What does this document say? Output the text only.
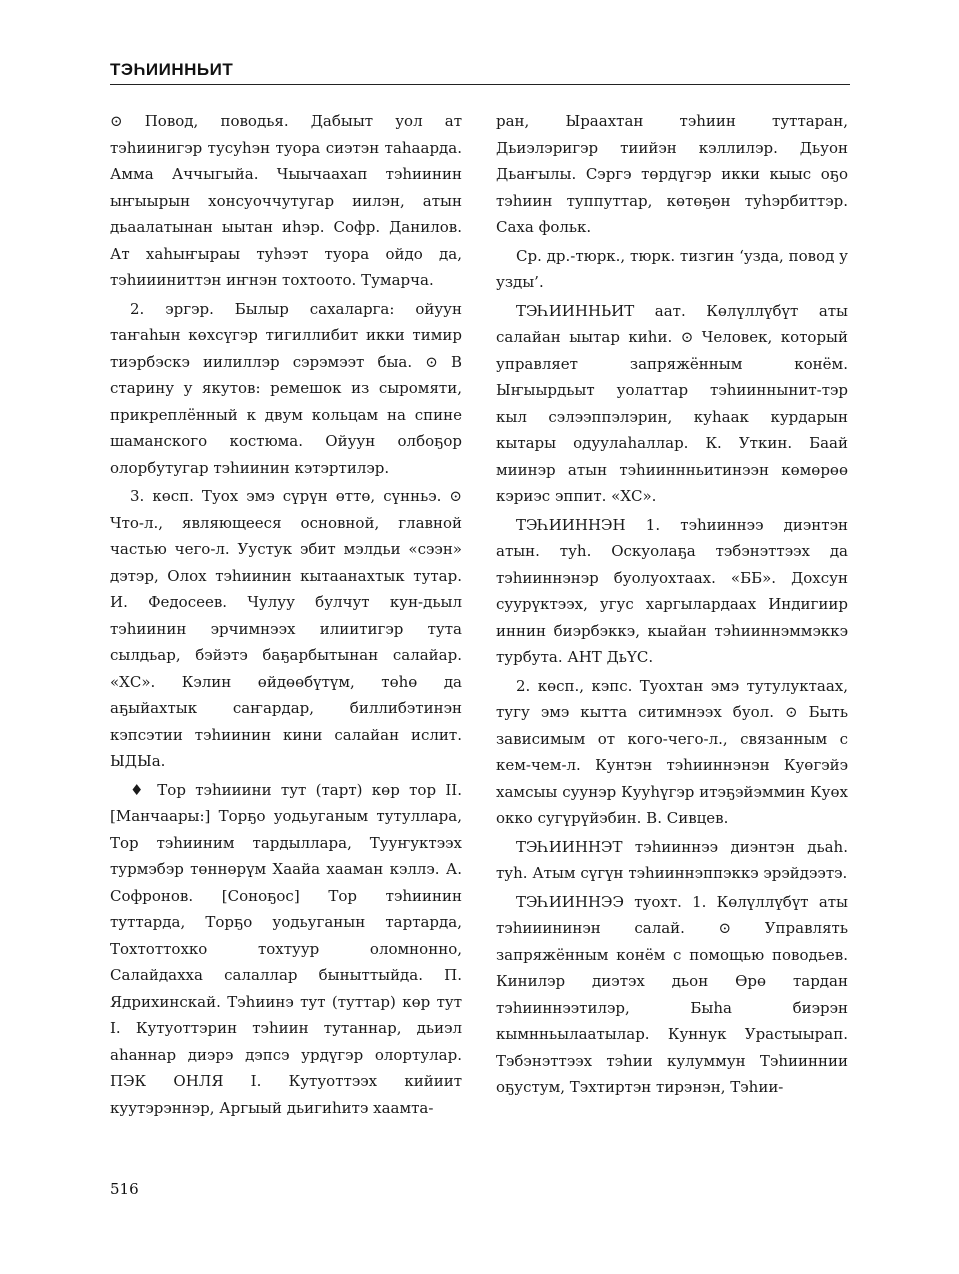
ТЭҺИИННЬИТ

⊙ Повод, поводья. Дабыыт уол ат тэһиинигэр тусуһэн туора сиэтэн таһаарда. Амма Аччыгыйа. Чыычаахап тэһиинин ыҥыырын хонсуоччутугар иилэн, атын дьаалатынан ыытан иһэр. Софр. Данилов. Ат хаһыҥыраы туһээт туора ойдо да, тэһиииниттэн иҥнэн тохтоото. Тумарча.

2. эргэр. Былыр сахаларга: ойуун таҥаһын көхсүгэр тигиллибит икки тимир тиэрбэскэ иилиллэр сэрэмээт быа. ⊙ В старину у якутов: ремешок из сыромяти, прикреплённый к двум кольцам на спине шаманского костюма. Ойуун олбоҕор олорбутугар тэһиинин кэтэртилэр.

3. көсп. Туох эмэ сүрүн өттө, сүнньэ. ⊙ Что-л., являющееся основной, главной частью чего-л. Уустук эбит мэлдьи «сээн» дэтэр, Олох тэһиинин кытаанахтык тутар. И. Федосеев. Чулуу булчут кун-дьыл тэһиинин эрчимнээх илиитигэр тута сылдьар, бэйэтэ баҕарбытынан салайар. «ХС». Кэлин өйдөөбүтүм, төһө да аҕыйахтык саҥардар, биллибэтинэн кэпсэтии тэһиинин кини салайан ислит. ЫДЫа.

♦ Тор тэһииини тут (тарт) көр тор II. [Манчаары:] Торҕо уодьуганым тутуллара, Тор тэһииним тардыллара, Тууҥуктээх турмэбэр төннөрүм Хаайа хааман кэллэ. А. Софронов. [Соноҕос] Тор тэһиинин туттарда, Торҕо уодьуганын тартарда, Тохтоттохко тохтуур оломнонно, Салайдахха салаллар быныттыйда. П. Ядрихинскай. Тэһиинэ тут (туттар) көр тут I. Кутуоттэрин тэһиин тутаннар, дьиэл аһаннар диэрэ дэпсэ урдүгэр олортулар. ПЭК ОНЛЯ I. Кутуоттээх кийиит куутэрэннэр, Аргыый дьигиһитэ хаамта-

ран, Ыраахтан тэһиин туттаран, Дьиэлэригэр тиийэн кэллилэр. Дьуон Дьаҥылы. Сэргэ төрдүгэр икки кыыс оҕо тэһиин туппуттар, көтөҕөн туһэрбиттэр. Саха фольк.

Ср. др.-тюрк., тюрк. тизгин ‘узда, повод у узды’.

ТЭҺИИННЬИТ аат. Көлүллүбүт аты салайан ыытар киһи. ⊙ Человек, который управляет запряжённым конём. Ыҥыырдьыт уолаттар тэһииннынит-тэр кыл сэлээппэлэрин, куһаак курдарын кытары одуулаһаллар. К. Уткин. Баай миинэр атын тэһииннньитинээн көмөрөө кэриэс эппит. «ХС».

ТЭҺИИННЭН 1. тэһииннээ диэнтэн атын. туһ. Оскуолаҕа тэбэнэттээх да тэһииннэнэр буолуохтаах. «ББ». Дохсун суурүктээх, угус харгылардаах Индигиир иннин биэрбэккэ, кыайан тэһииннэммэккэ турбута. АНТ ДьҮС.

2. көсп., кэпс. Туохтан эмэ тутулуктаах, тугу эмэ кытта ситимнээх буол. ⊙ Быть зависимым от кого-чего-л., связанным с кем-чем-л. Кунтэн тэһииннэнэн Куөгэйэ хамсыы суунэр Кууһүгэр итэҕэйэммин Куөх окко сугүрүйэбин. В. Сивцев.

ТЭҺИИННЭТ тэһииннээ диэнтэн дьаһ. туһ. Атым сүгүн тэһииннэппэккэ эрэйдээтэ.

ТЭҺИИННЭЭ туохт. 1. Көлүллүбүт аты тэһииининэн салай. ⊙ Управлять запряжённым конём с помощью поводьев. Кинилэр диэтэх дьон Өрө тардан тэһииннээтилэр, Быһа биэрэн кымнньылаатылар. Куннук Урастыырап. Тэбэнэттээх тэһии кулуммун Тэһииннии оҕустум, Тэхтиртэн тирэнэн, Тэһии-

516
